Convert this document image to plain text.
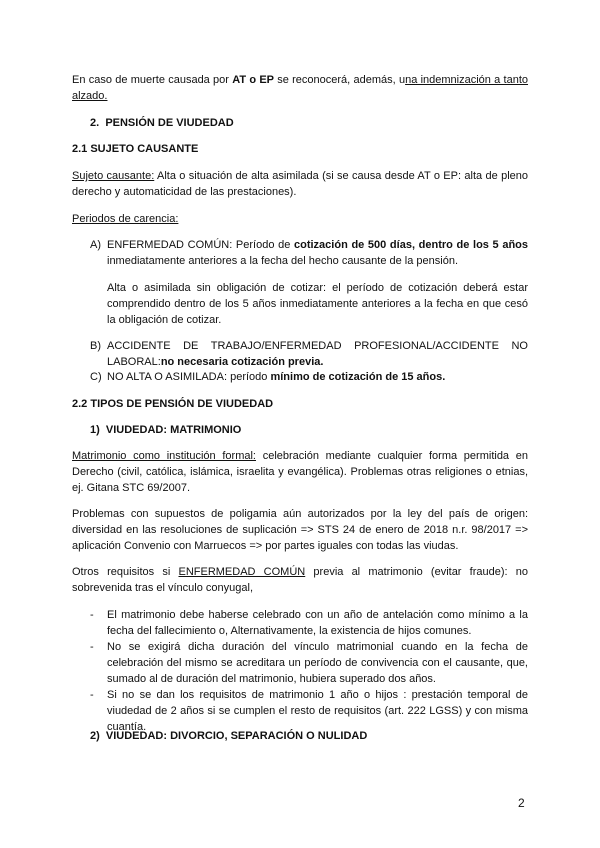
En caso de muerte causada por AT o EP se reconocerá, además, una indemnización a tanto alzado.
2. PENSIÓN DE VIUDEDAD
2.1 SUJETO CAUSANTE
Sujeto causante: Alta o situación de alta asimilada (si se causa desde AT o EP: alta de pleno derecho y automaticidad de las prestaciones).
Periodos de carencia:
A) ENFERMEDAD COMÚN: Período de cotización de 500 días, dentro de los 5 años inmediatamente anteriores a la fecha del hecho causante de la pensión.
Alta o asimilada sin obligación de cotizar: el período de cotización deberá estar comprendido dentro de los 5 años inmediatamente anteriores a la fecha en que cesó la obligación de cotizar.
B) ACCIDENTE DE TRABAJO/ENFERMEDAD PROFESIONAL/ACCIDENTE NO LABORAL:no necesaria cotización previa.
C) NO ALTA O ASIMILADA: período mínimo de cotización de 15 años.
2.2 TIPOS DE PENSIÓN DE VIUDEDAD
1) VIUDEDAD: MATRIMONIO
Matrimonio como institución formal: celebración mediante cualquier forma permitida en Derecho (civil, católica, islámica, israelita y evangélica). Problemas otras religiones o etnias, ej. Gitana STC 69/2007.
Problemas con supuestos de poligamia aún autorizados por la ley del país de origen: diversidad en las resoluciones de suplicación => STS 24 de enero de 2018 n.r. 98/2017 => aplicación Convenio con Marruecos => por partes iguales con todas las viudas.
Otros requisitos si ENFERMEDAD COMÚN previa al matrimonio (evitar fraude): no sobrevenida tras el vínculo conyugal,
- El matrimonio debe haberse celebrado con un año de antelación como mínimo a la fecha del fallecimiento o, Alternativamente, la existencia de hijos comunes.
- No se exigirá dicha duración del vínculo matrimonial cuando en la fecha de celebración del mismo se acreditara un período de convivencia con el causante, que, sumado al de duración del matrimonio, hubiera superado dos años.
- Si no se dan los requisitos de matrimonio 1 año o hijos : prestación temporal de viudedad de 2 años si se cumplen el resto de requisitos (art. 222 LGSS) y con misma cuantía.
2) VIUDEDAD: DIVORCIO, SEPARACIÓN O NULIDAD
2
